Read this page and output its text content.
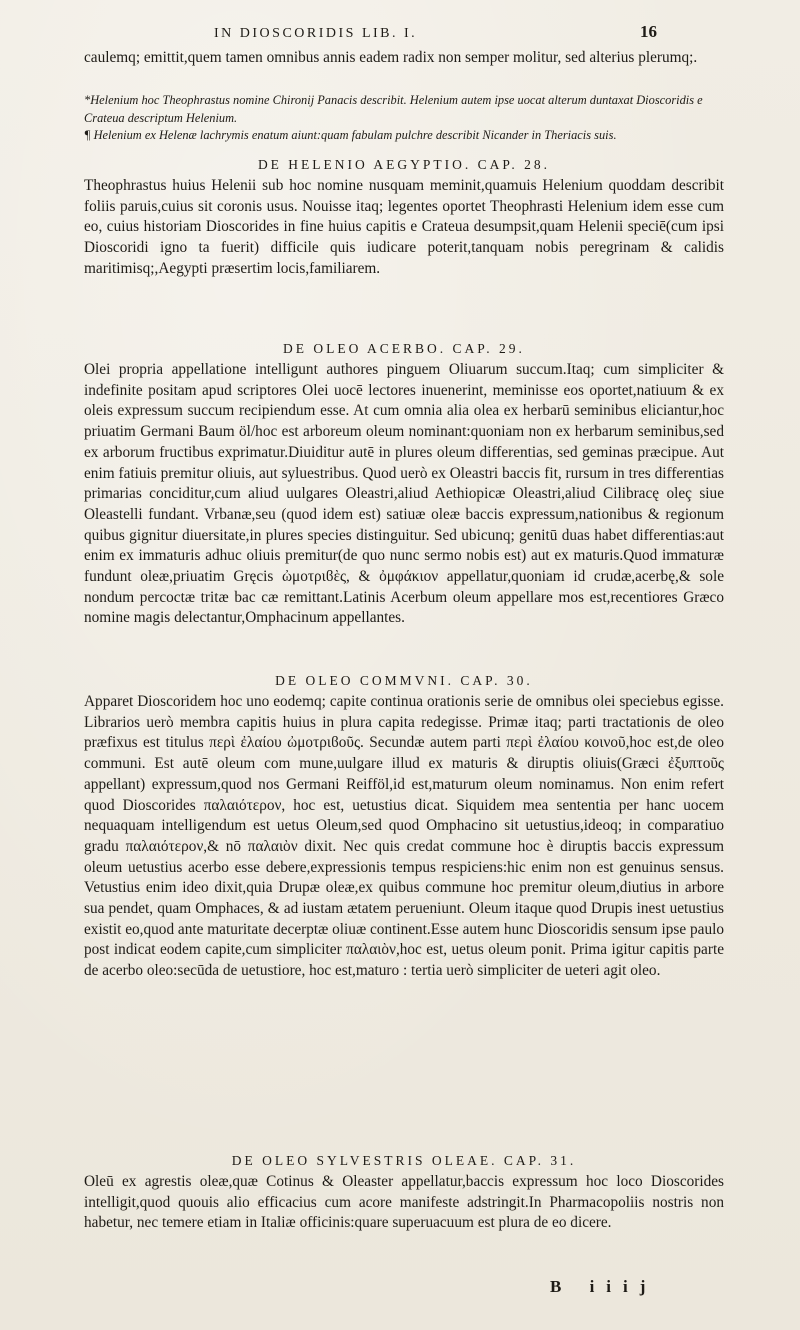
IN DIOSCORIDIS LIB. I.	16

caulemq; emittit,quem tamen omnibus annis eadem radix non semper molitur, sed alterius plerumq;.

*Helenium hoc Theophrastus nomine Chironij Panacis describit. Helenium autem ipse uocat alterum duntaxat Dioscoridis e Crateua descriptum Helenium.

¶ Helenium ex Helenæ lachrymis enatum aiunt:quam fabulam pulchre describit Nicander in Theriacis suis.

DE HELENIO AEGYPTIO. CAP. 28.

Theophrastus huius Helenii sub hoc nomine nusquam meminit,quamuis Helenium quoddam describit foliis paruis,cuius sit coronis usus. Nouisse itaq; legentes oportet Theophrasti Helenium idem esse cum eo, cuius historiam Dioscorides in fine huius capitis e Crateua desumpsit,quam Helenii speciē(cum ipsi Dioscoridi igno ta fuerit) difficile quis iudicare poterit,tanquam nobis peregrinam & calidis maritimisq;,Aegypti præsertim locis,familiarem.

DE OLEO ACERBO. CAP. 29.

Olei propria appellatione intelligunt authores pinguem Oliuarum succum.Itaq; cum simpliciter & indefinite positam apud scriptores Olei uocē lectores inuenerint, meminisse eos oportet,natiuum & ex oleis expressum succum recipiendum esse. At cum omnia alia olea ex herbarū seminibus eliciantur,hoc priuatim Germani Baum öl/hoc est arboreum oleum nominant:quoniam non ex herbarum seminibus,sed ex arborum fructibus exprimatur.Diuiditur autē in plures oleum differentias, sed geminas præcipue. Aut enim fatiuis premitur oliuis, aut syluestribus. Quod uerò ex Oleastri baccis fit, rursum in tres differentias primarias conciditur,cum aliud uulgares Oleastri,aliud Aethiopicæ Oleastri,aliud Cilibracę oleç siue Oleastelli fundant. Vrbanæ,seu (quod idem est) satiuæ oleæ baccis expressum,nationibus & regionum quibus gignitur diuersitate,in plures species distinguitur. Sed ubicunq; genitū duas habet differentias:aut enim ex immaturis adhuc oliuis premitur(de quo nunc sermo nobis est) aut ex maturis.Quod immaturæ fundunt oleæ,priuatim Gręcis ὠμοτριϐὲς, & ὀμφάκιον appellatur,quoniam id crudæ,acerbę,& sole nondum percoctæ tritæ bac cæ remittant.Latinis Acerbum oleum appellare mos est,recentiores Græco nomine magis delectantur,Omphacinum appellantes.

DE OLEO COMMVNI. CAP. 30.

Apparet Dioscoridem hoc uno eodemq; capite continua orationis serie de omnibus olei speciebus egisse. Librarios uerò membra capitis huius in plura capita redegisse. Primæ itaq; parti tractationis de oleo præfixus est titulus περὶ ἐλαίου ὠμοτριϐοῦς. Secundæ autem parti περὶ ἐλαίου κοινοῦ,hoc est,de oleo communi. Est autē oleum com mune,uulgare illud ex maturis & diruptis oliuis(Græci ἐξυπτοῦς appellant) expressum,quod nos Germani Reifföl,id est,maturum oleum nominamus. Non enim refert quod Dioscorides παλαιότερον, hoc est, uetustius dicat. Siquidem mea sententia per hanc uocem nequaquam intelligendum est uetus Oleum,sed quod Omphacino sit uetustius,ideoq; in comparatiuo gradu παλαιότερον,& nō παλαιὸν dixit. Nec quis credat commune hoc è diruptis baccis expressum oleum uetustius acerbo esse debere,expressionis tempus respiciens:hic enim non est genuinus sensus. Vetustius enim ideo dixit,quia Drupæ oleæ,ex quibus commune hoc premitur oleum,diutius in arbore sua pendet, quam Omphaces, & ad iustam ætatem perueniunt. Oleum itaque quod Drupis inest uetustius existit eo,quod ante maturitate decerptæ oliuæ continent.Esse autem hunc Dioscoridis sensum ipse paulo post indicat eodem capite,cum simpliciter παλαιὸν,hoc est, uetus oleum ponit. Prima igitur capitis parte de acerbo oleo:secūda de uetustiore, hoc est,maturo : tertia uerò simpliciter de ueteri agit oleo.

DE OLEO SYLVESTRIS OLEAE. CAP. 31.

Oleū ex agrestis oleæ,quæ Cotinus & Oleaster appellatur,baccis expressum hoc loco Dioscorides intelligit,quod quouis alio efficacius cum acore manifeste adstringit.In Pharmacopoliis nostris non habetur, nec temere etiam in Italiæ officinis:quare superuacuum est plura de eo dicere.

B iiij
